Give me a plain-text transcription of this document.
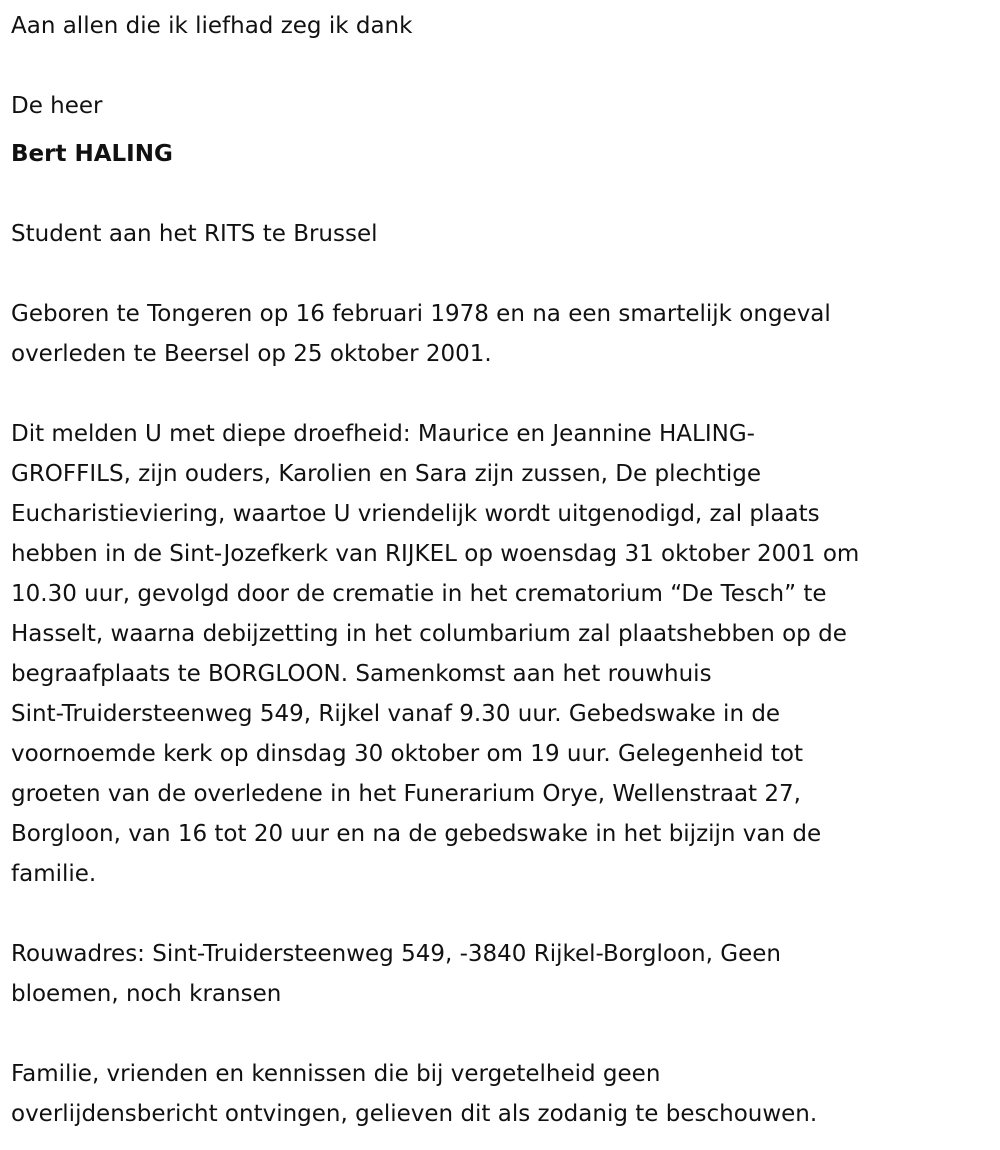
Aan allen die ik liefhad zeg ik dank
De heer
Bert HALING
Student aan het RITS te Brussel
Geboren te Tongeren op 16 februari 1978 en na een smartelijk ongeval
overleden te Beersel op 25 oktober 2001.
Dit melden U met diepe droefheid: Maurice en Jeannine HALING-
GROFFILS, zijn ouders, Karolien en Sara zijn zussen, De plechtige
Eucharistieviering, waartoe U vriendelijk wordt uitgenodigd, zal plaats
hebben in de Sint-Jozefkerk van RIJKEL op woensdag 31 oktober 2001 om
10.30 uur, gevolgd door de crematie in het crematorium “De Tesch” te
Hasselt, waarna debijzetting in het columbarium zal plaatshebben op de
begraafplaats te BORGLOON. Samenkomst aan het rouwhuis
Sint-Truidersteenweg 549, Rijkel vanaf 9.30 uur. Gebedswake in de
voornoemde kerk op dinsdag 30 oktober om 19 uur. Gelegenheid tot
groeten van de overledene in het Funerarium Orye, Wellenstraat 27,
Borgloon, van 16 tot 20 uur en na de gebedswake in het bijzijn van de
familie.
Rouwadres: Sint-Truidersteenweg 549, -3840 Rijkel-Borgloon, Geen
bloemen, noch kransen
Familie, vrienden en kennissen die bij vergetelheid geen
overlijdensbericht ontvingen, gelieven dit als zodanig te beschouwen.
